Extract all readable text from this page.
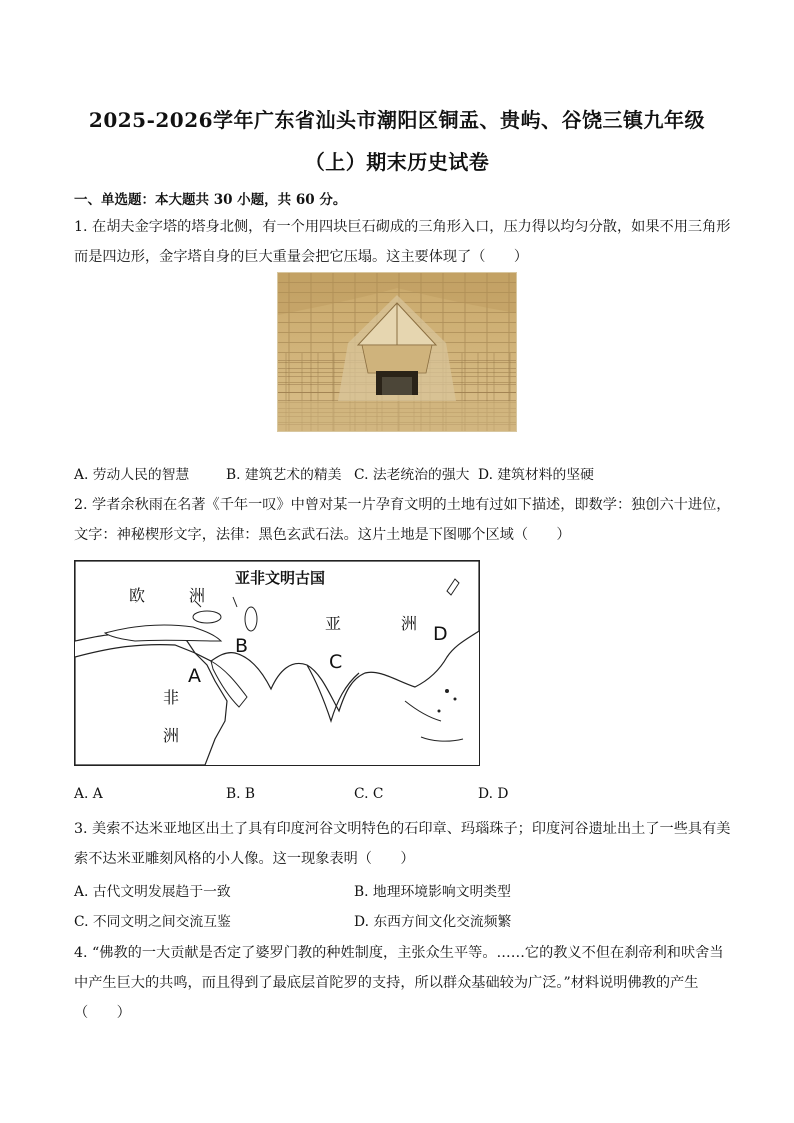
2025-2026学年广东省汕头市潮阳区铜盂、贵屿、谷饶三镇九年级
（上）期末历史试卷
一、单选题：本大题共 30 小题，共 60 分。
1. 在胡夫金字塔的塔身北侧，有一个用四块巨石砌成的三角形入口，压力得以均匀分散，如果不用三角形
而是四边形，金字塔自身的巨大重量会把它压塌。这主要体现了（　　）
A. 劳动人民的智慧	B. 建筑艺术的精美 C. 法老统治的强大 D. 建筑材料的坚硬
2. 学者余秋雨在名著《千年一叹》中曾对某一片孕育文明的土地有过如下描述，即数学：独创六十进位，
文字：神秘楔形文字，法律：黑色玄武石法。这片土地是下图哪个区域（　　）
亚非文明古国
欧	洲
亚	洲
非
洲
A
B
C
D
A. A	B. B	C. C	D. D
3. 美索不达米亚地区出土了具有印度河谷文明特色的石印章、玛瑙珠子；印度河谷遗址出土了一些具有美
索不达米亚雕刻风格的小人像。这一现象表明（　　）
A. 古代文明发展趋于一致	B. 地理环境影响文明类型
C. 不同文明之间交流互鉴	D. 东西方间文化交流频繁
4. “佛教的一大贡献是否定了婆罗门教的种姓制度，主张众生平等。……它的教义不但在刹帝利和吠舍当
中产生巨大的共鸣，而且得到了最底层首陀罗的支持，所以群众基础较为广泛。”材料说明佛教的产生
（　　）
